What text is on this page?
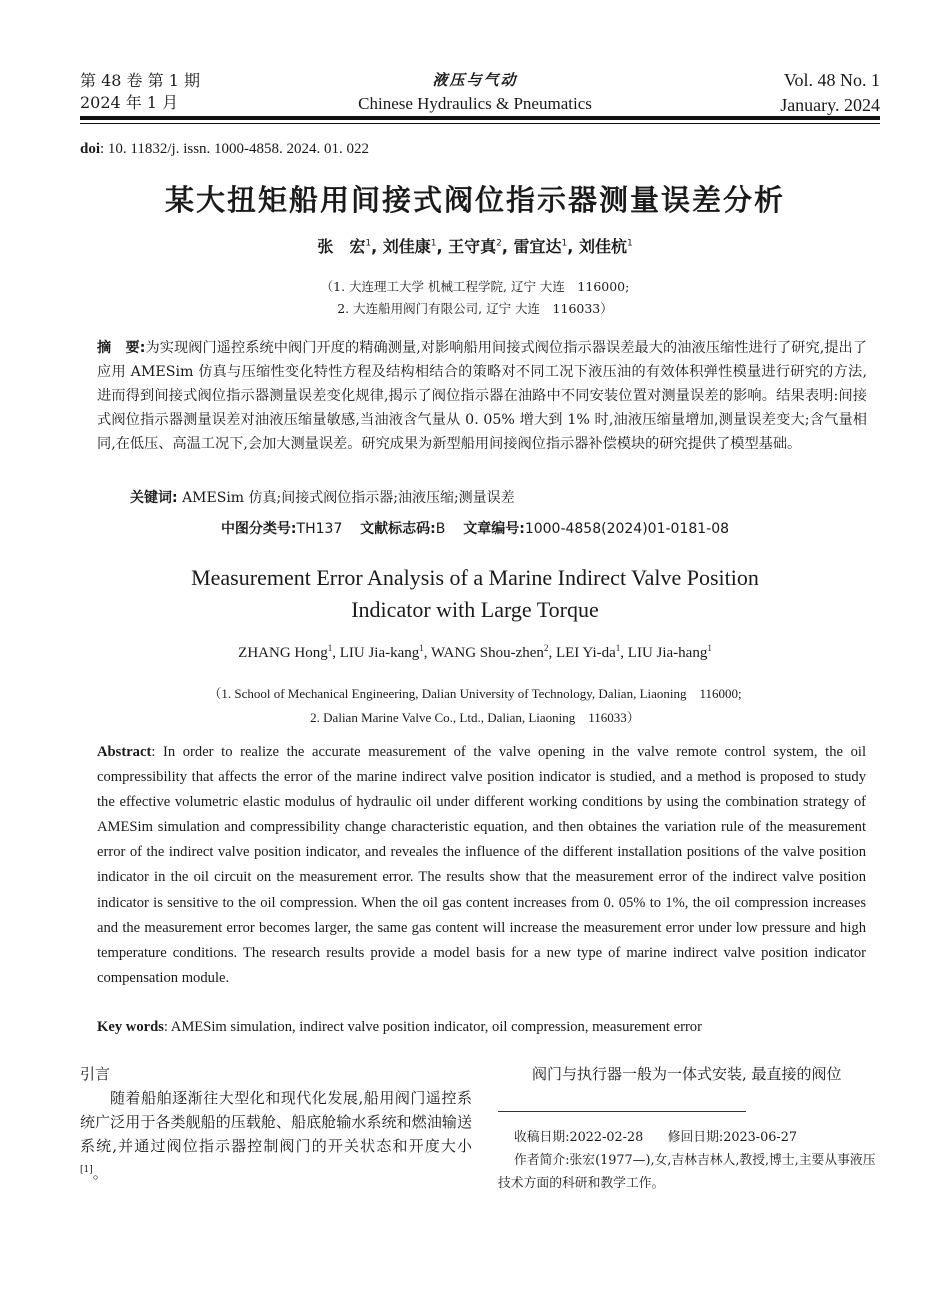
第 48 卷 第 1 期
2024 年 1 月
液压与气动
Chinese Hydraulics & Pneumatics
Vol. 48 No. 1
January. 2024
doi: 10. 11832/j. issn. 1000-4858. 2024. 01. 022
某大扭矩船用间接式阀位指示器测量误差分析
张　宏$^1$, 刘佳康$^1$, 王守真$^2$, 雷宜达$^1$, 刘佳杭$^1$
（1. 大连理工大学 机械工程学院, 辽宁 大连　116000;
2. 大连船用阀门有限公司, 辽宁 大连　116033）
摘　要:为实现阀门遥控系统中阀门开度的精确测量,对影响船用间接式阀位指示器误差最大的油液压缩性进行了研究,提出了应用 AMESim 仿真与压缩性变化特性方程及结构相结合的策略对不同工况下液压油的有效体积弹性模量进行研究的方法,进而得到间接式阀位指示器测量误差变化规律,揭示了阀位指示器在油路中不同安装位置对测量误差的影响。结果表明:间接式阀位指示器测量误差对油液压缩量敏感,当油液含气量从 0. 05% 增大到 1% 时,油液压缩量增加,测量误差变大;含气量相同,在低压、高温工况下,会加大测量误差。研究成果为新型船用间接阀位指示器补偿模块的研究提供了模型基础。
关键词: AMESim 仿真;间接式阀位指示器;油液压缩;测量误差
中图分类号:TH137 文献标志码:B 文章编号:1000-4858(2024)01-0181-08
Measurement Error Analysis of a Marine Indirect Valve Position
Indicator with Large Torque
ZHANG Hong$^1$, LIU Jia-kang$^1$, WANG Shou-zhen$^2$, LEI $Yi-da^1$, LIU Jia-hang$^1$
（1. School of Mechanical Engineering, Dalian University of Technology, Dalian, Liaoning　116000;
2. Dalian Marine Valve Co., Ltd., Dalian, Liaoning　116033）
Abstract: In order to realize the accurate measurement of the valve opening in the valve remote control system, the oil compressibility that affects the error of the marine indirect valve position indicator is studied, and a method is proposed to study the effective volumetric elastic modulus of hydraulic oil under different working conditions by using the combination strategy of AMESim simulation and compressibility change characteristic equation, and then obtaines the variation rule of the measurement error of the indirect valve position indicator, and reveales the influence of the different installation positions of the valve position indicator in the oil circuit on the measurement error. The results show that the measurement error of the indirect valve position indicator is sensitive to the oil compression. When the oil gas content increases from 0. 05% to 1%, the oil compression increases and the measurement error becomes larger, the same gas content will increase the measurement error under low pressure and high temperature conditions. The research results provide a model basis for a new type of marine indirect valve position indicator compensation module.
Key words: AMESim simulation, indirect valve position indicator, oil compression, measurement error
引言
随着船舶逐渐往大型化和现代化发展,船用阀门遥控系统广泛用于各类舰船的压载舱、船底舱输水系统和燃油输送系统,并通过阀位指示器控制阀门的开关状态和开度大小[1]。
阀门与执行器一般为一体式安装, 最直接的阀位
收稿日期:2022-02-28 修回日期:2023-06-27
作者简介:张宏(1977—),女,吉林吉林人,教授,博士,主要从事液压技术方面的科研和教学工作。
